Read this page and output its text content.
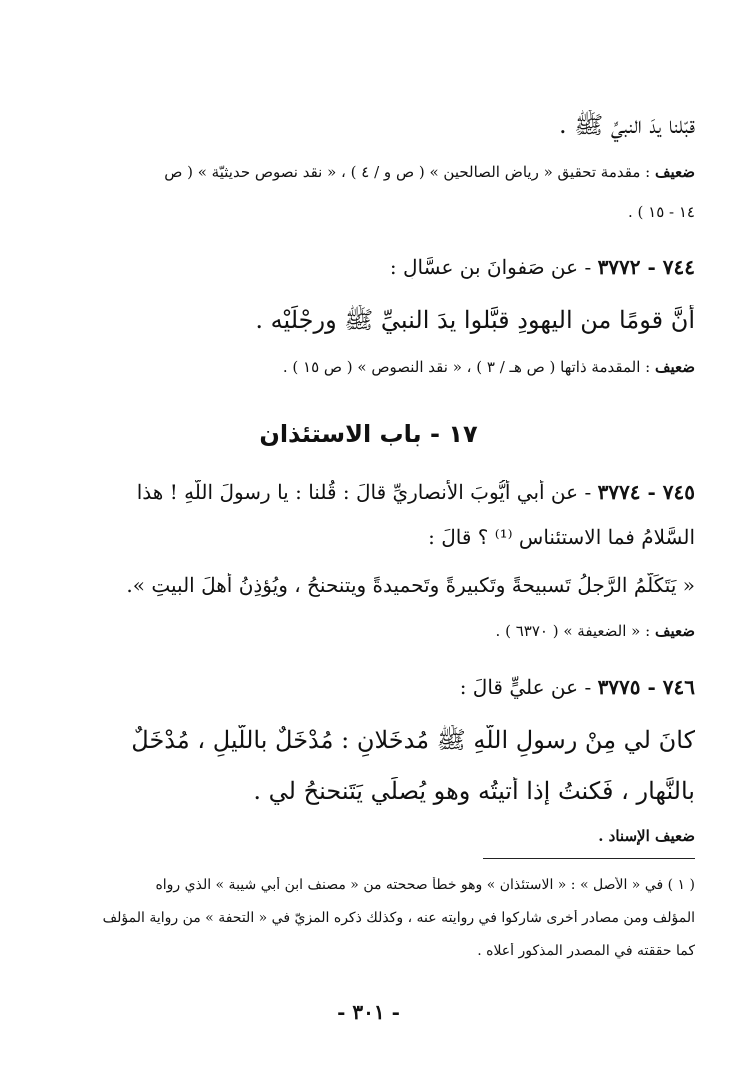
قبّلنا يدَ النبيِّ ﷺ .
ضعيف : مقدمة تحقيق « رياض الصالحين » ( ص و / ٤ ) ، « نقد نصوص حديثيّة » ( ص
١٤ - ١٥ ) .
٧٤٤ - ٣٧٧٢ - عن صَفوانَ بنِ عسَّالٍ :
أنَّ قومًا من اليهودِ قبَّلوا يدَ النبيِّ ﷺ ورجْلَيْه .
ضعيف : المقدمة ذاتها ( ص هـ / ٣ ) ، « نقد النصوص » ( ص ١٥ ) .
١٧ - باب الاستئذان
٧٤٥ - ٣٧٧٤ - عن أبي أيُّوبَ الأنصاريِّ قالَ : قُلنا : يا رسولَ اللّهِ ! هذا
السَّلامُ فما الاستئناس ⁽¹⁾ ؟ قالَ :
« يَتَكَلَّمُ الرَّجلُ تَسبيحةً وتَكبيرةً وتَحميدةً ويتنحنحُ ، ويُؤذِنُ أهلَ البيتِ ».
ضعيف : « الضعيفة » ( ٦٣٧٠ ) .
٧٤٦ - ٣٧٧٥ - عن عليٍّ قالَ :
كانَ لي مِنْ رسولِ اللّهِ ﷺ مُدخَلانِ : مُدْخَلٌ باللَّيلِ ، مُدْخَلٌ
بالنَّهارِ ، فَكنتُ إذا أتيتُه وهو يُصلِّي يَتَنحنحُ لي .
ضعيف الإسناد .
( ١ ) في « الأَصل » : « الاستئذان » وهو خطأ صححته من « مصنف ابن أَبي شيبة » الذي رواه
المؤلف ومن مصادر أُخرى شاركوا في روايته عنه ، وكذلك ذكره المزيّ في « التحفة » من رواية المؤلف
كما حققته في المصدر المذكور أعلاه .
- ٣٠١ -
